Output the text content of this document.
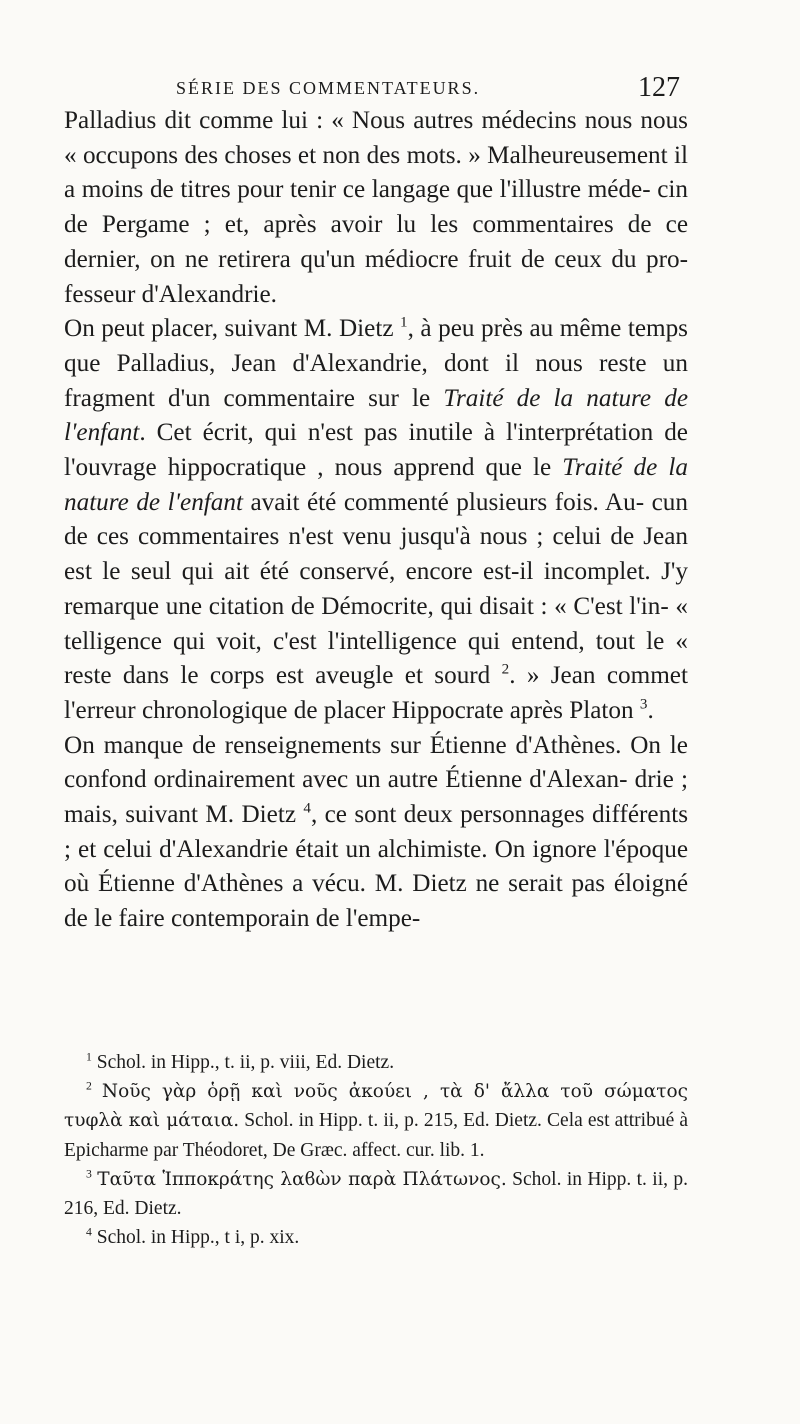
SÉRIE DES COMMENTATEURS.	127

Palladius dit comme lui : « Nous autres médecins nous nous « occupons des choses et non des mots. » Malheureusement il a moins de titres pour tenir ce langage que l'illustre méde- cin de Pergame ; et, après avoir lu les commentaires de ce dernier, on ne retirera qu'un médiocre fruit de ceux du pro- fesseur d'Alexandrie.

On peut placer, suivant M. Dietz $^1$, à peu près au même temps que Palladius, Jean d'Alexandrie, dont il nous reste un fragment d'un commentaire sur le Traité de la nature de l'enfant. Cet écrit, qui n'est pas inutile à l'interprétation de l'ouvrage hippocratique , nous apprend que le Traité de la nature de l'enfant avait été commenté plusieurs fois. Au- cun de ces commentaires n'est venu jusqu'à nous ; celui de Jean est le seul qui ait été conservé, encore est-il incomplet. J'y remarque une citation de Démocrite, qui disait : « C'est l'in- « telligence qui voit, c'est l'intelligence qui entend, tout le « reste dans le corps est aveugle et sourd $^2$. » Jean commet l'erreur chronologique de placer Hippocrate après Platon $^3$.

On manque de renseignements sur Étienne d'Athènes. On le confond ordinairement avec un autre Étienne d'Alexan- drie ; mais, suivant M. Dietz $^4$, ce sont deux personnages différents ; et celui d'Alexandrie était un alchimiste. On ignore l'époque où Étienne d'Athènes a vécu. M. Dietz ne serait pas éloigné de le faire contemporain de l'empe-

$^1$ Schol. in Hipp., t. ii, p. viii, Ed. Dietz.

$^2$ Νοῦς γὰρ ὁρῇ καὶ νοῦς ἀκούει , τὰ δ' ἄλλα τοῦ σώματος τυφλὰ καὶ μάταια. Schol. in Hipp. t. ii, p. 215, Ed. Dietz. Cela est attribué à Epicharme par Théodoret, De Græc. affect. cur. lib. 1.

$^3$ Ταῦτα Ἱπποκράτης λαϐὼν παρὰ Πλάτωνος. Schol. in Hipp. t. ii, p. 216, Ed. Dietz.

$^4$ Schol. in Hipp., t i, p. xix.
